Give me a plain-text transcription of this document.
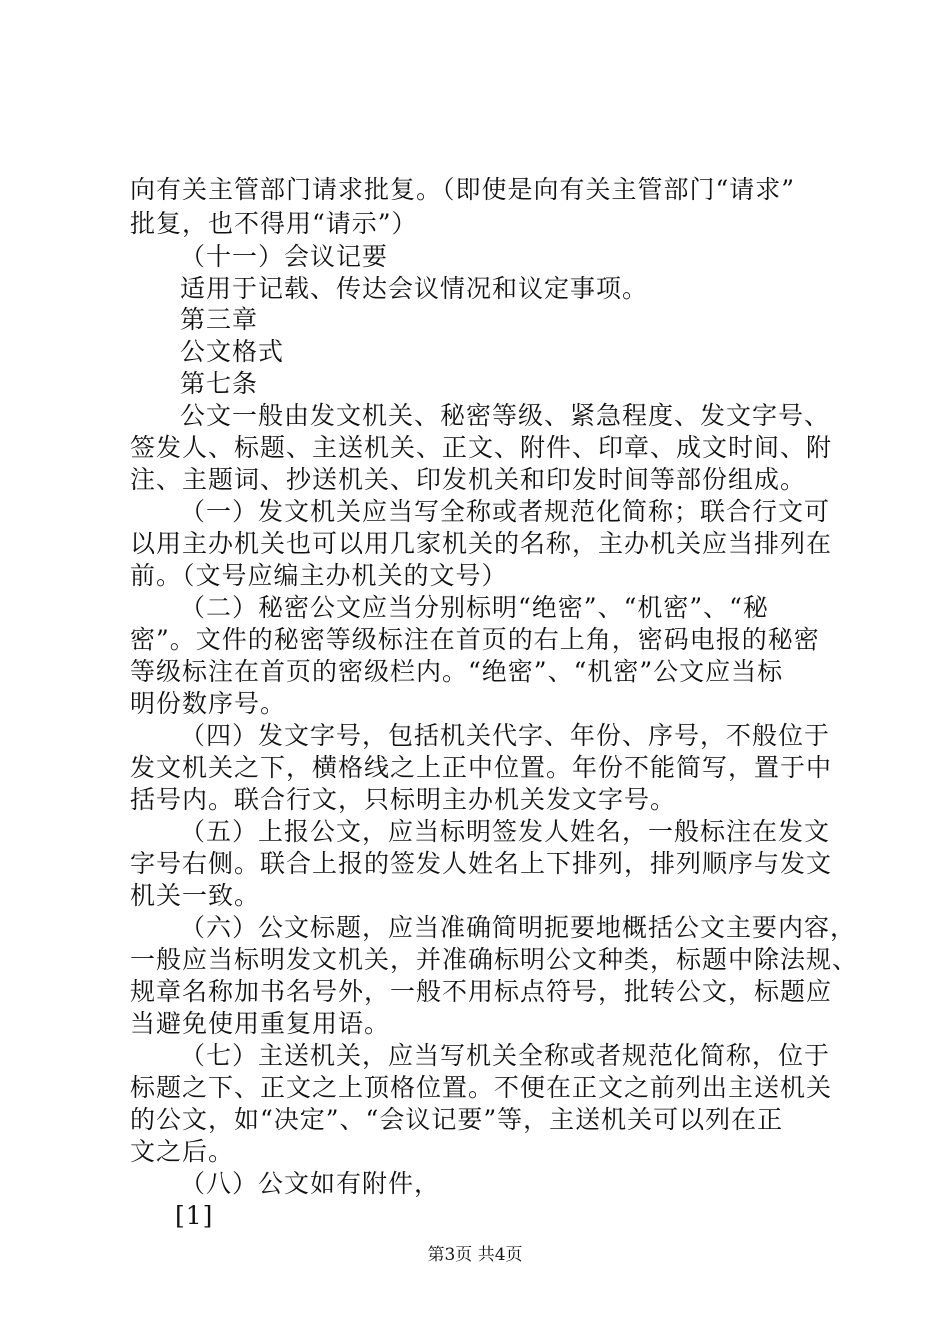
向有关主管部门请求批复。（即使是向有关主管部门“请求”
批复，也不得用“请示”）
（十一）会议记要
适用于记载、传达会议情况和议定事项。
第三章
公文格式
第七条
公文一般由发文机关、秘密等级、紧急程度、发文字号、
签发人、标题、主送机关、正文、附件、印章、成文时间、附
注、主题词、抄送机关、印发机关和印发时间等部份组成。
（一）发文机关应当写全称或者规范化简称；联合行文可
以用主办机关也可以用几家机关的名称，主办机关应当排列在
前。（文号应编主办机关的文号）
（二）秘密公文应当分别标明“绝密”、“机密”、“秘
密”。文件的秘密等级标注在首页的右上角，密码电报的秘密
等级标注在首页的密级栏内。“绝密”、“机密”公文应当标
明份数序号。
（四）发文字号，包括机关代字、年份、序号，不般位于
发文机关之下，横格线之上正中位置。年份不能简写，置于中
括号内。联合行文，只标明主办机关发文字号。
（五）上报公文，应当标明签发人姓名，一般标注在发文
字号右侧。联合上报的签发人姓名上下排列，排列顺序与发文
机关一致。
（六）公文标题，应当准确简明扼要地概括公文主要内容，
一般应当标明发文机关，并准确标明公文种类，标题中除法规、
规章名称加书名号外，一般不用标点符号，批转公文，标题应
当避免使用重复用语。
（七）主送机关，应当写机关全称或者规范化简称，位于
标题之下、正文之上顶格位置。不便在正文之前列出主送机关
的公文，如“决定”、“会议记要”等，主送机关可以列在正
文之后。
（八）公文如有附件，
[1]
第3页 共4页
